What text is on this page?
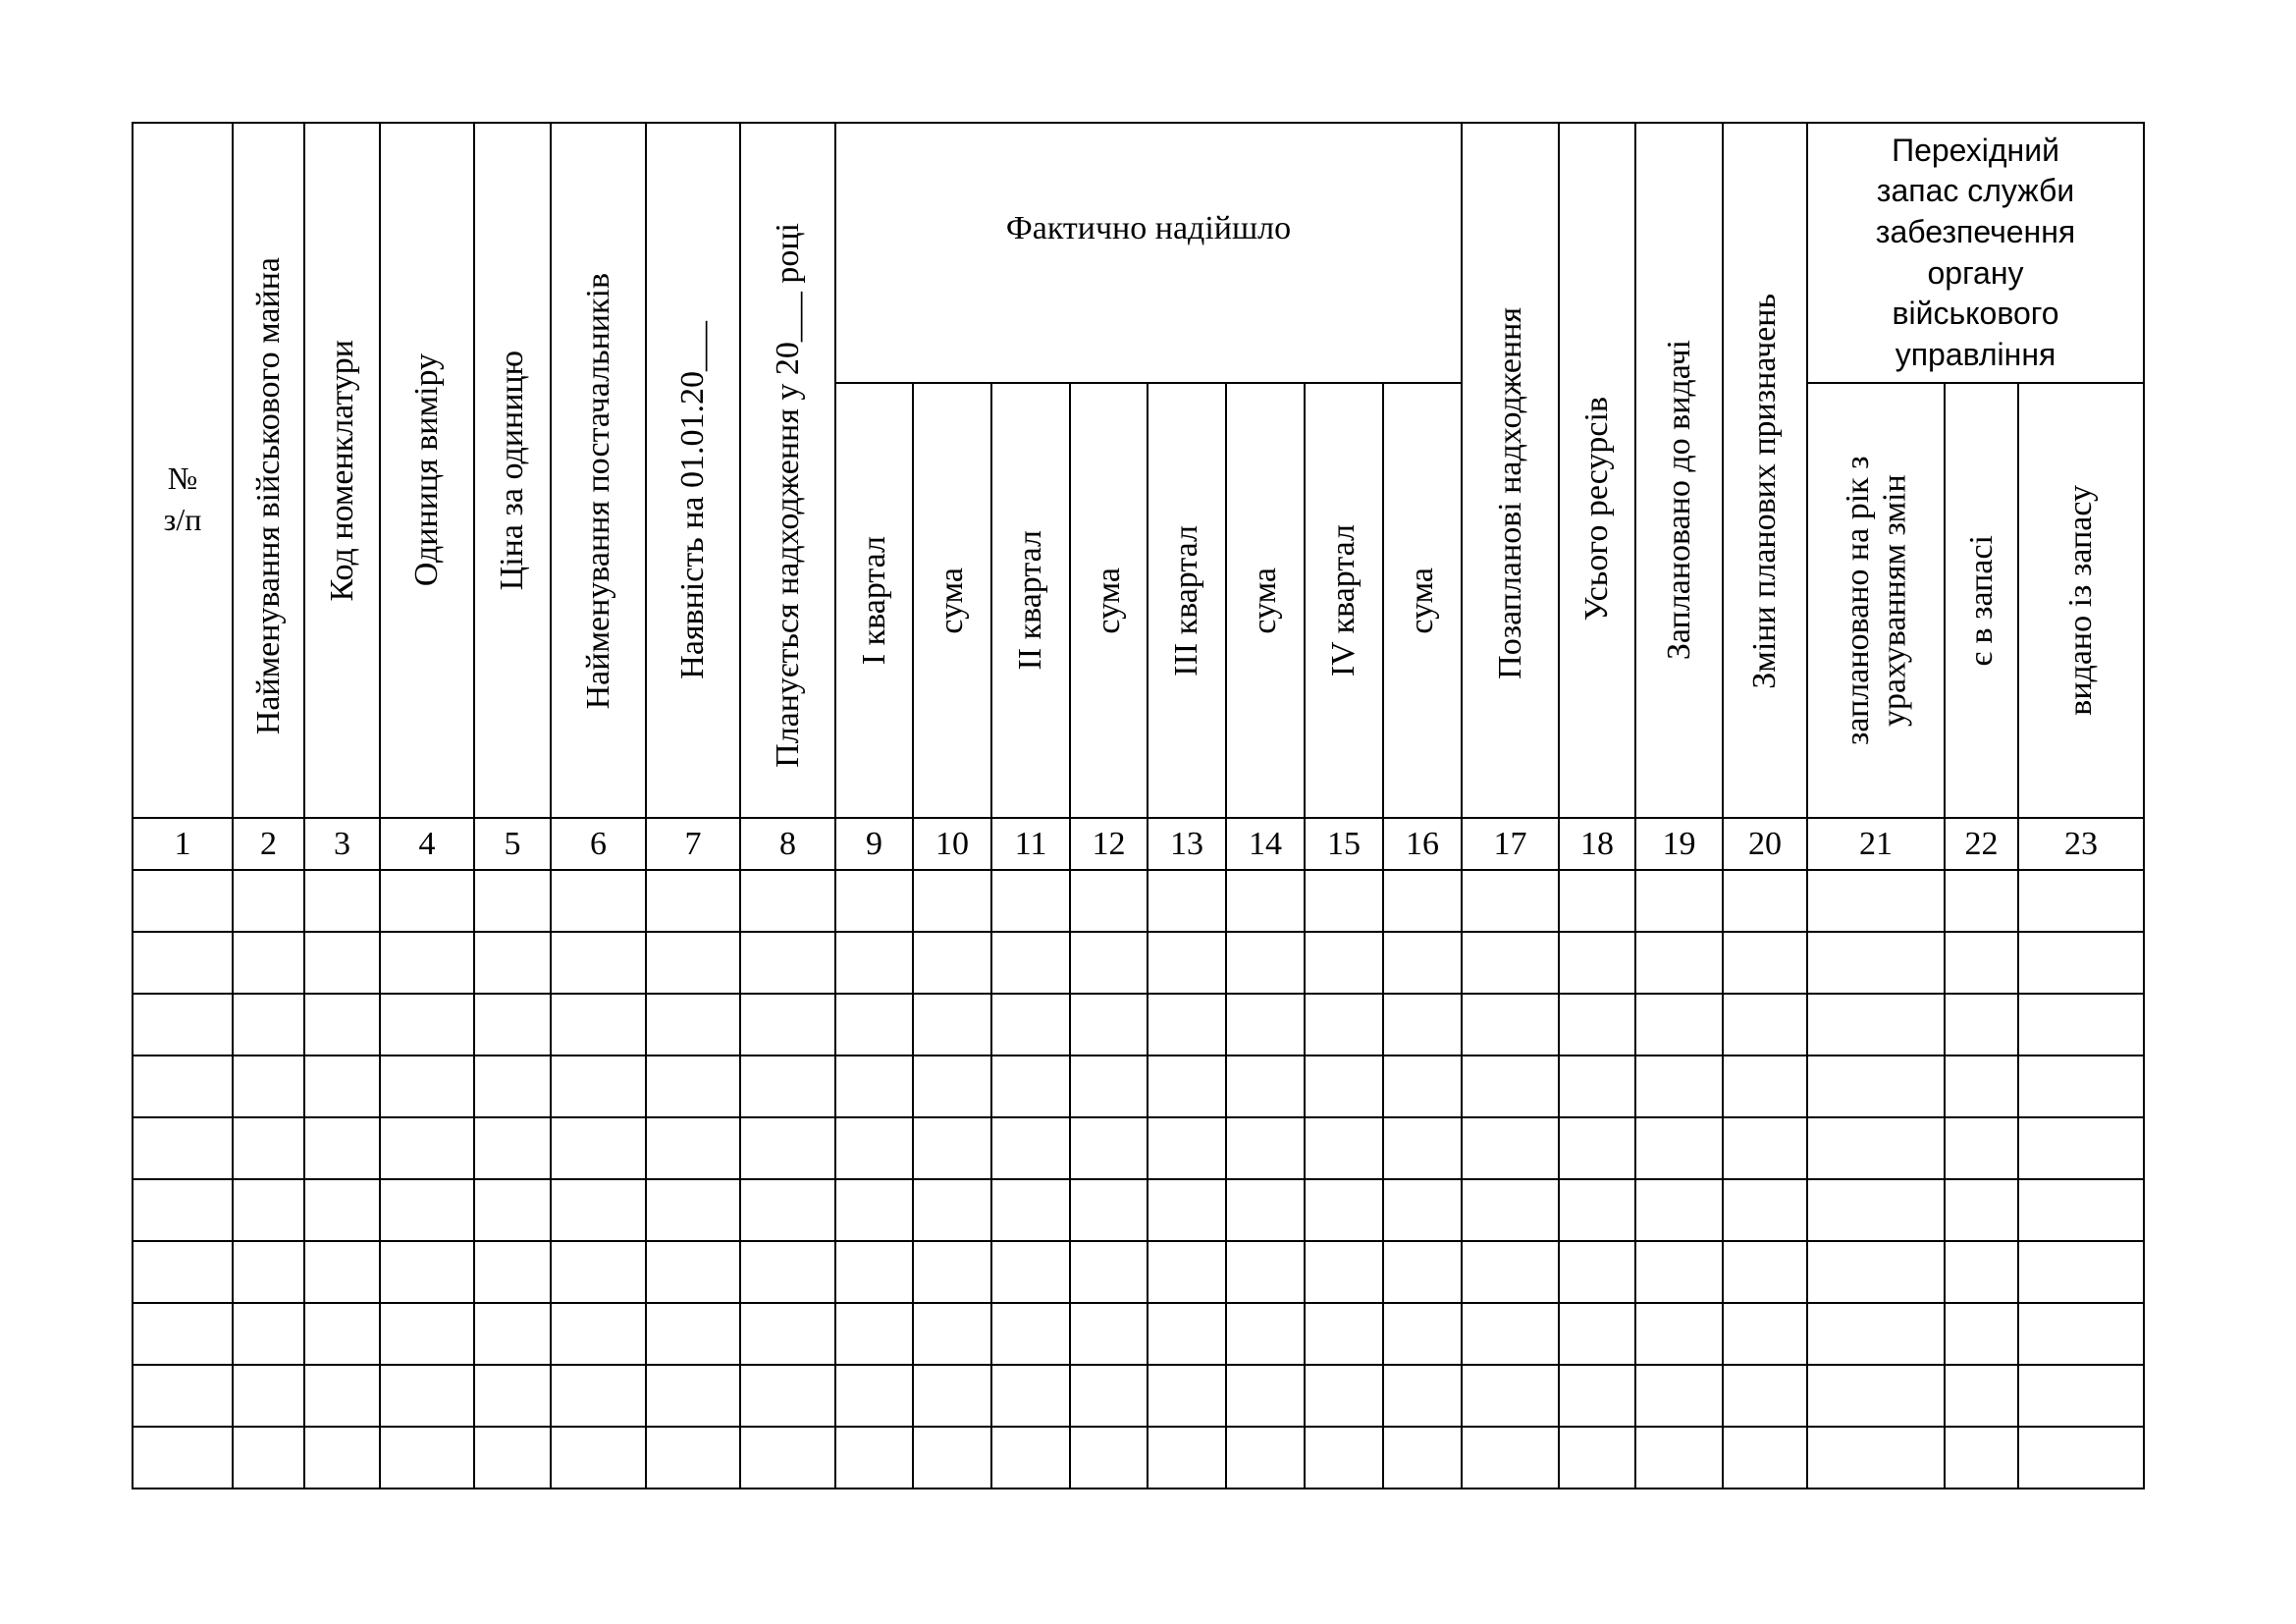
№
з/п	Найменування військового майна	Код номенклатури	Одиниця виміру	Ціна за одиницю	Найменування постачальників	Наявність на 01.01.20___	Планується надходження у 20___ році	Фактично надійшло								Позапланові надходження	Усього ресурсів	Заплановано до видачі	Зміни планових призначень	Перехідний запас служби забезпечення органу військового управління		

								I квартал	сума	II квартал	сума	III квартал	сума	IV квартал	сума					заплановано на рік з урахуванням змін	є в запасі	видано із запасу

1	2	3	4	5	6	7	8	9	10	11	12	13	14	15	16	17	18	19	20	21	22	23
